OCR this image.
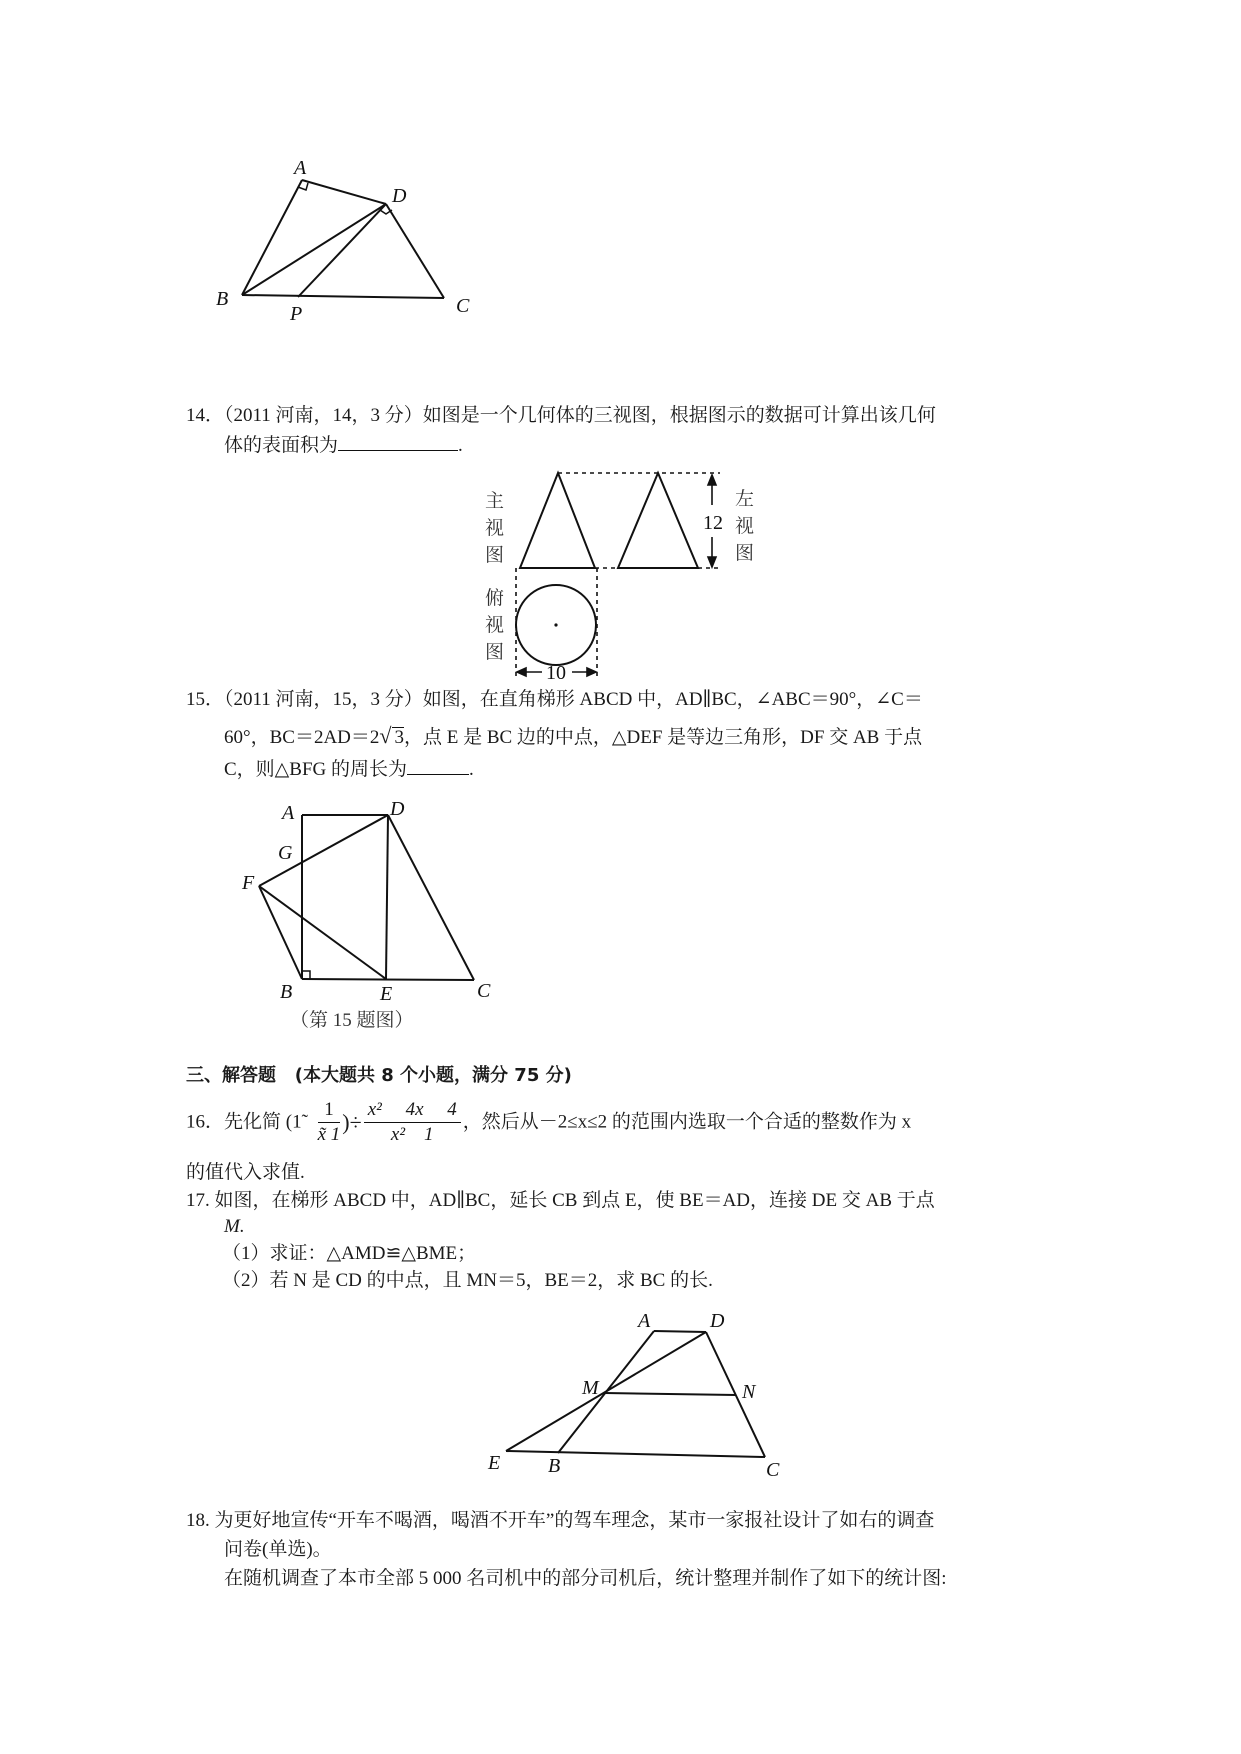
A
D
B
P	C
14．（2011 河南，14，3 分）如图是一个几何体的三视图，根据图示的数据可计算出该几何
体的表面积为	.
12
10
主视图
左视图
俯视图
15．（2011 河南，15，3 分）如图，在直角梯形 ABCD 中，AD∥BC，∠ABC＝90°，∠C＝
60°，BC＝2AD＝2√ 3，点 E 是 BC 边的中点，△DEF 是等边三角形，DF 交 AB 于点
C，则△BFG 的周长为	.
A	D
G
F
B	E	C
（第 15 题图）
三、解答题 (本大题共 8 个小题，满分 75 分)
16．先化简 (1̃ $\frac{1}{x̃ 1}$ )÷ $\frac{\text{x² 　4x　 4}}{\text{x²　1}}$ ，然后从－2≤x≤2 的范围内选取一个合适的整数作为 x
的值代入求值.
17. 如图，在梯形 ABCD 中，AD∥BC，延长 CB 到点 E，使 BE＝AD，连接 DE 交 AB 于点
M.
（1）求证：△AMD≌△BME；
（2）若 N 是 CD 的中点，且 MN＝5，BE＝2，求 BC 的长.
A	D
M	N
E B	C
18. 为更好地宣传“开车不喝酒，喝酒不开车”的驾车理念，某市一家报社设计了如右的调查
问卷(单选)。
在随机调查了本市全部 5 000 名司机中的部分司机后，统计整理并制作了如下的统计图:
